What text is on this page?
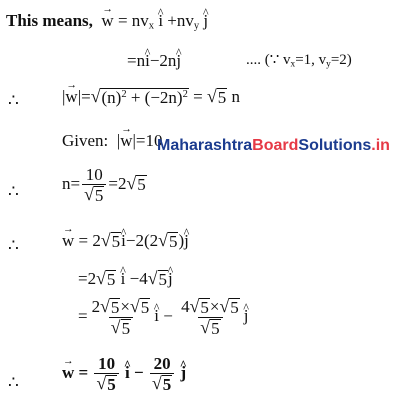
This means, → $w = nv_x$ ^ $i +nv_y$ ^ j
=n^ i−2n^ j	.... (∵ $v_x=1$, $v_y=2$)
∴	|→ w|= √ $(n)^2 + (-2n)^2$ = √ 5 n
Given:  |→ w|=10
MaharashtraBoardSolutions.in
∴	$n= \frac{10}{√ 5} =2$ √ 5
∴	→ w = 2 √ 5 ^ i−2(2 √ 5 )^ j
=2 √ 5 ^ i −4 √ 5 ^ j
= $\frac{2 √ 5 \times √ 5}{√ 5}$ ^ $i - \frac{4 √ 5 \times √ 5}{√ 5}$ ^ j
∴
→ $w = \frac{10}{√ 5}$ ^ $i - \frac{20}{√ 5}$ ^ j
